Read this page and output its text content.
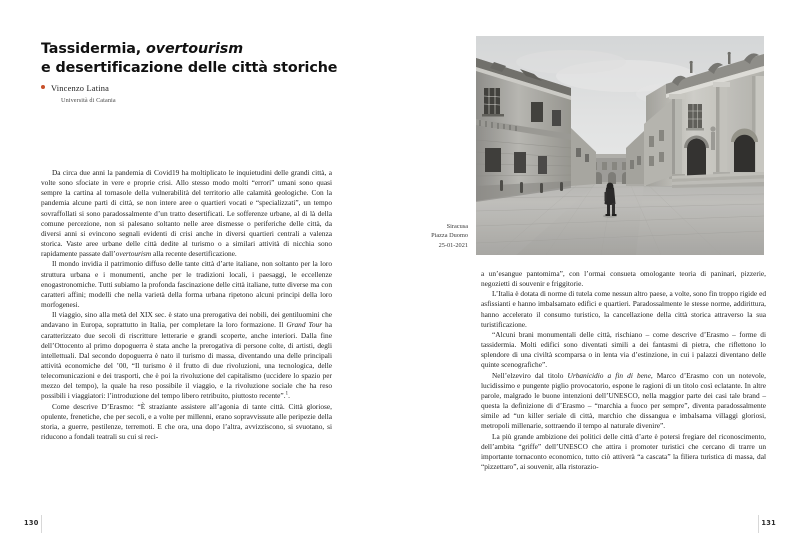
Tassidermia, overtourism
e desertificazione delle città storiche
Vincenzo Latina
Università di Catania

Da circa due anni la pandemia di Covid19 ha moltiplicato le inquietudini delle grandi città, a volte sono sfociate in vere e proprie crisi. Allo stesso modo molti “errori” umani sono quasi sempre la cartina al tornasole della vulnerabilità del territorio alle calamità geologiche. Con la pandemia alcune parti di città, se non intere aree o quartieri vocati e “specializzati”, un tempo sovraffollati si sono paradossalmente d’un tratto desertificati. Le sofferenze urbane, al di là della comune percezione, non si palesano soltanto nelle aree dismesse o periferiche delle città, da diversi anni si evincono segnali evidenti di crisi anche in diversi quartieri centrali a valenza storica. Vaste aree urbane delle città dedite al turismo o a similari attività di nicchia sono rapidamente passate dall’overtourism alla recente desertificazione.

Il mondo invidia il patrimonio diffuso delle tante città d’arte italiane, non soltanto per la loro struttura urbana e i monumenti, anche per le tradizioni locali, i paesaggi, le eccellenze enogastronomiche. Tutti subiamo la profonda fascinazione delle città italiane, tutte diverse ma con caratteri affini; modelli che nella varietà della forma urbana ripetono alcuni principi della loro morfogenesi.

Il viaggio, sino alla metà del XIX sec. è stato una prerogativa dei nobili, dei gentiluomini che andavano in Europa, soprattutto in Italia, per completare la loro formazione. Il Grand Tour ha caratterizzato due secoli di riscritture letterarie e grandi scoperte, anche interiori. Dalla fine dell’Ottocento al primo dopoguerra è stata anche la prerogativa di persone colte, di artisti, degli intellettuali. Dal secondo dopoguerra è nato il turismo di massa, diventando una delle principali attività economiche del ’00, “Il turismo è il frutto di due rivoluzioni, una tecnologica, delle telecomunicazioni e dei trasporti, che è poi la rivoluzione del capitalismo (uccidere lo spazio per mezzo del tempo), la quale ha reso possibile il viaggio, e la rivoluzione sociale che ha reso possibili i viaggiatori: l’introduzione del tempo libero retribuito, piuttosto recente”.$^1$.

Come descrive D’Erasmo: “È straziante assistere all’agonia di tante città. Città gloriose, opulente, frenetiche, che per secoli, e a volte per millenni, erano sopravvissute alle peripezie della storia, a guerre, pestilenze, terremoti. E che ora, una dopo l’altra, avvizziscono, si svuotano, si riducono a fondali teatrali su cui si reci-

130	131
Siracusa
Piazza Duomo
25-01-2021

a un’esangue pantomima”, con l’ormai consueta omologante teoria di paninari, pizzerie, negozietti di souvenir e friggitorie.

L’Italia è dotata di norme di tutela come nessun altro paese, a volte, sono fin troppo rigide ed asfissianti e hanno imbalsamato edifici e quartieri. Paradossalmente le stesse norme, addirittura, hanno accelerato il consumo turistico, la cancellazione della città storica attraverso la sua turistificazione.

“Alcuni brani monumentali delle città, rischiano – come descrive d’Erasmo – forme di tassidermia. Molti edifici sono diventati simili a dei fantasmi di pietra, che riflettono lo splendore di una civiltà scomparsa o in lenta via d’estinzione, in cui i palazzi diventano delle quinte scenografiche”.

Nell’elzeviro dal titolo Urbanicidio a fin di bene, Marco d’Erasmo con un notevole, lucidissimo e pungente piglio provocatorio, espone le ragioni di un titolo così eclatante. In altre parole, malgrado le buone intenzioni dell’UNESCO, nella maggior parte dei casi tale brand – questa la definizione di d’Erasmo – “marchia a fuoco per sempre”, diventa paradossalmente simile ad “un killer seriale di città, marchio che dissangua e imbalsama villaggi gloriosi, metropoli millenarie, sottraendo il tempo al naturale divenire”.

La più grande ambizione dei politici delle città d’arte è potersi fregiare del riconoscimento, dell’ambita “griffe” dell’UNESCO che attira i promoter turistici che cercano di trarre un importante tornaconto economico, tutto ciò attiverà “a cascata” la filiera turistica di massa, dal “pizzettaro”, ai souvenir, alla ristorazio-
